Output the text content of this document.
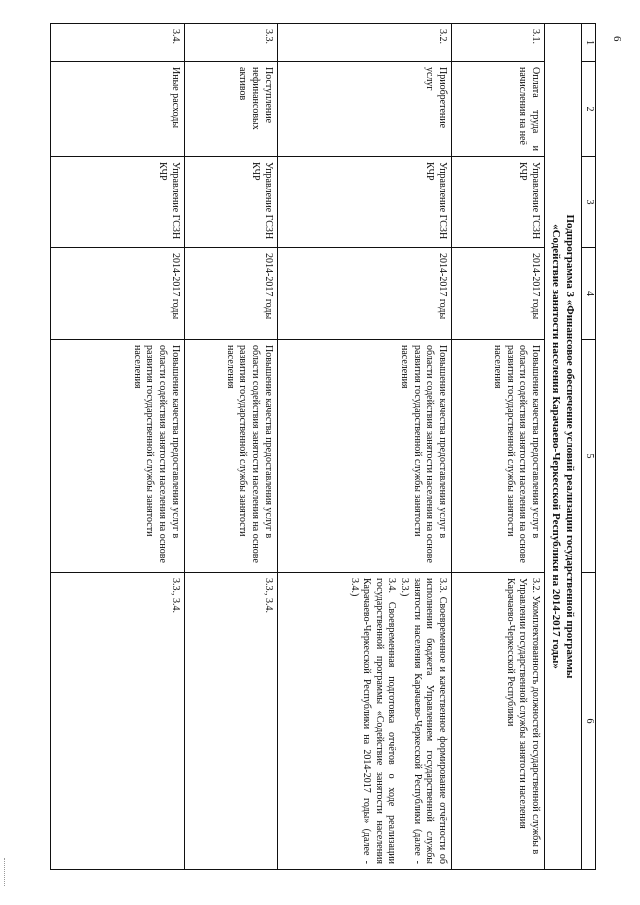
6
1	2	3	4	5	6

Подпрограмма 3 «Финансовое обеспечение условий реализации государственной программы
«Содействие занятости населения Карачаево-Черкесской Республики на 2014-2017 годы»					

3.1.	Оплата труда и начисления на неё	Управление ГСЗН КЧР	2014-2017 годы	Повышение качества предоставления услуг в области содействия занятости населения на основе развития государственной службы занятости населения	3.2. Укомплектованность должностей государственной службы в Управлении государственной службы занятости населения Карачаево-Черкесской Республики

3.2.	Приобретение услуг	Управление ГСЗН КЧР	2014-2017 годы	Повышение качества предоставления услуг в области содействия занятости населения на основе развития государственной службы занятости населения	3.3. Своевременное и качественное формирование отчётности об исполнении бюджета Управлением государственной службы занятости населения Карачаево-Черкесской Республики (далее - 3.3.)
3.4. Своевременная подготовка отчётов о ходе реализации государственной программы «Содействие занятости населения Карачаево-Черкесской Республики на 2014-2017 годы» (далее - 3.4.)

3.3.	Поступление нефинансовых активов	Управление ГСЗН КЧР	2014-2017 годы	Повышение качества предоставления услуг в области содействия занятости населения на основе развития государственной службы занятости населения	3.3., 3.4.

3.4.	Иные расходы	Управление ГСЗН КЧР	2014-2017 годы	Повышение качества предоставления услуг в области содействия занятости населения на основе развития государственной службы занятости населения	3.3., 3.4.
